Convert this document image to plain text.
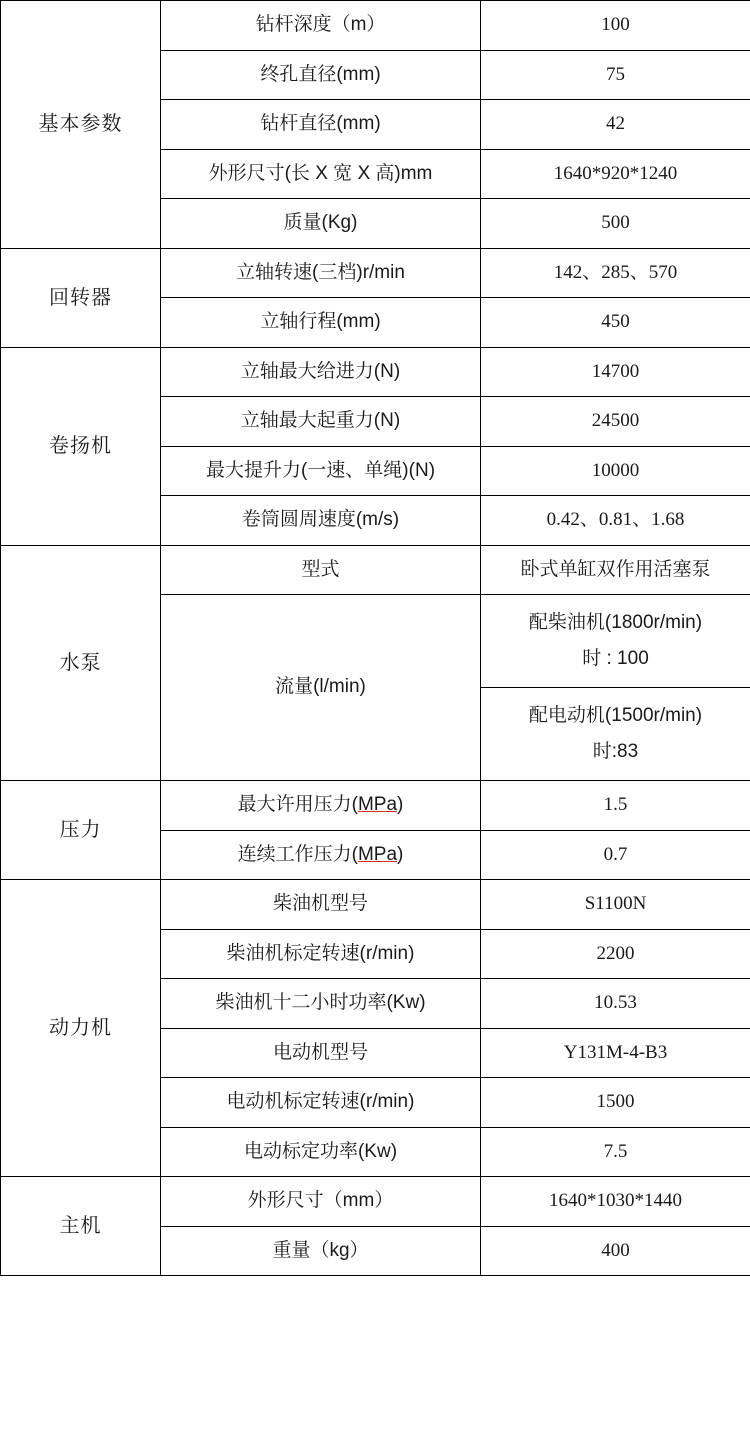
基本参数	钻杆深度（m）	100
	终孔直径(mm)	75
	钻杆直径(mm)	42
	外形尺寸(长 X 宽 X 高)mm	1640*920*1240
	质量(Kg)	500
回转器	立轴转速(三档)r/min	142、285、570
	立轴行程(mm)	450
卷扬机	立轴最大给进力(N)	14700
	立轴最大起重力(N)	24500
	最大提升力(一速、单绳)(N)	10000
	卷筒圆周速度(m/s)	0.42、0.81、1.68
水泵	型式	卧式单缸双作用活塞泵
	流量(l/min)	配柴油机(1800r/min)
时 : 100

		配电动机(1500r/min)
时:83

压力	最大许用压力(MPa)	1.5
	连续工作压力(MPa)	0.7
动力机	柴油机型号	S1100N
	柴油机标定转速(r/min)	2200
	柴油机十二小时功率(Kw)	10.53
	电动机型号	Y131M-4-B3
	电动机标定转速(r/min)	1500
	电动标定功率(Kw)	7.5
主机	外形尺寸（mm）	1640*1030*1440
	重量（kg）	400
